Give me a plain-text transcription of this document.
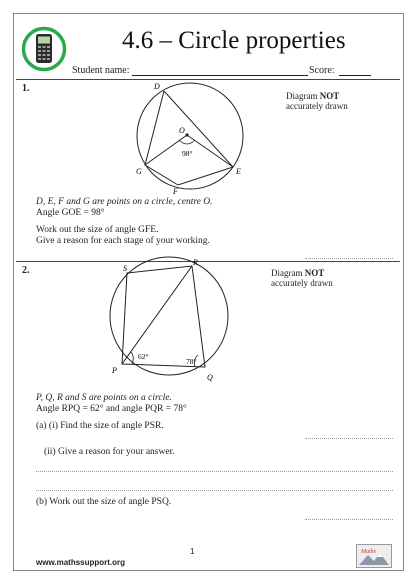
4.6 – Circle properties
Student name:	Score:
1.
Diagram NOT
accurately drawn
D
O
G	E
F
98°
D, E, F and G are points on a circle, centre O.
Angle GOE = 98°
Work out the size of angle GFE.
Give a reason for each stage of your working.
2.	Diagram NOT
accurately drawn
S
R
P
Q
62°
78°
P, Q, R and S are points on a circle.
Angle RPQ = 62° and angle PQR = 78°
(a) (i) Find the size of angle PSR.
(ii) Give a reason for your answer.
(b) Work out the size of angle PSQ.
1
www.mathssupport.org
Maths
